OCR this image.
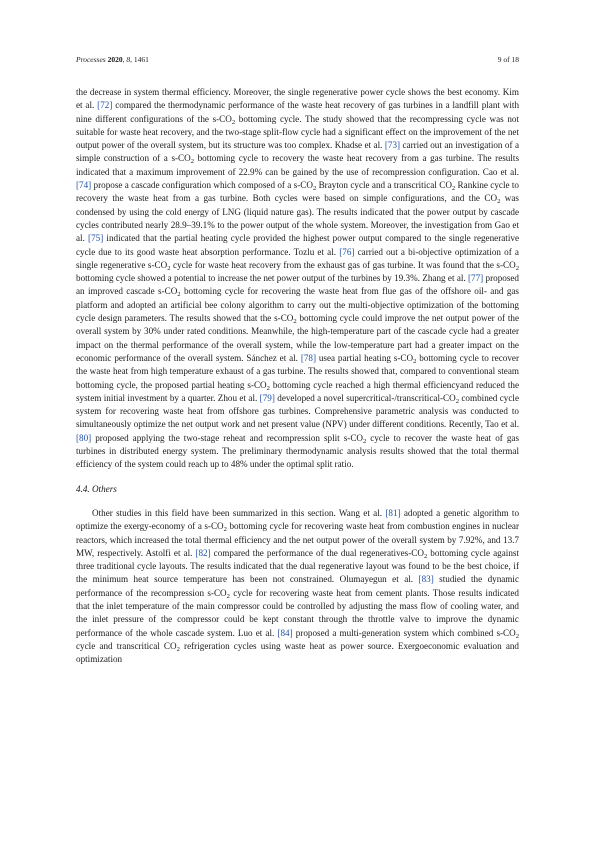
Processes 2020, 8, 1461	9 of 18

the decrease in system thermal efficiency. Moreover, the single regenerative power cycle shows the best economy. Kim et al. [72] compared the thermodynamic performance of the waste heat recovery of gas turbines in a landfill plant with nine different configurations of the $s-CO_2$ bottoming cycle. The study showed that the recompressing cycle was not suitable for waste heat recovery, and the two-stage split-flow cycle had a significant effect on the improvement of the net output power of the overall system, but its structure was too complex. Khadse et al. [73] carried out an investigation of a simple construction of a $s-CO_2$ bottoming cycle to recovery the waste heat recovery from a gas turbine. The results indicated that a maximum improvement of 22.9% can be gained by the use of recompression configuration. Cao et al. [74] propose a cascade configuration which composed of a $s-CO_2$ Brayton cycle and a transcritical $CO_2$ Rankine cycle to recovery the waste heat from a gas turbine. Both cycles were based on simple configurations, and the $CO_2$ was condensed by using the cold energy of LNG (liquid nature gas). The results indicated that the power output by cascade cycles contributed nearly 28.9–39.1% to the power output of the whole system. Moreover, the investigation from Gao et al. [75] indicated that the partial heating cycle provided the highest power output compared to the single regenerative cycle due to its good waste heat absorption performance. Tozlu et al. [76] carried out a bi-objective optimization of a single regenerative $s-CO_2$ cycle for waste heat recovery from the exhaust gas of gas turbine. It was found that the $s-CO_2$ bottoming cycle showed a potential to increase the net power output of the turbines by 19.3%. Zhang et al. [77] proposed an improved cascade $s-CO_2$ bottoming cycle for recovering the waste heat from flue gas of the offshore oil- and gas platform and adopted an artificial bee colony algorithm to carry out the multi-objective optimization of the bottoming cycle design parameters. The results showed that the $s-CO_2$ bottoming cycle could improve the net output power of the overall system by 30% under rated conditions. Meanwhile, the high-temperature part of the cascade cycle had a greater impact on the thermal performance of the overall system, while the low-temperature part had a greater impact on the economic performance of the overall system. Sánchez et al. [78] usea partial heating $s-CO_2$ bottoming cycle to recover the waste heat from high temperature exhaust of a gas turbine. The results showed that, compared to conventional steam bottoming cycle, the proposed partial heating $s-CO_2$ bottoming cycle reached a high thermal efficiencyand reduced the system initial investment by a quarter. Zhou et al. [79] developed a novel supercritical-$/transcritical-CO_2$ combined cycle system for recovering waste heat from offshore gas turbines. Comprehensive parametric analysis was conducted to simultaneously optimize the net output work and net present value (NPV) under different conditions. Recently, Tao et al. [80] proposed applying the two-stage reheat and recompression split $s-CO_2$ cycle to recover the waste heat of gas turbines in distributed energy system. The preliminary thermodynamic analysis results showed that the total thermal efficiency of the system could reach up to 48% under the optimal split ratio.

4.4. Others

Other studies in this field have been summarized in this section. Wang et al. [81] adopted a genetic algorithm to optimize the exergy-economy of a $s-CO_2$ bottoming cycle for recovering waste heat from combustion engines in nuclear reactors, which increased the total thermal efficiency and the net output power of the overall system by 7.92%, and 13.7 MW, respectively. Astolfi et al. [82] compared the performance of the dual regeneratives-$CO_2$ bottoming cycle against three traditional cycle layouts. The results indicated that the dual regenerative layout was found to be the best choice, if the minimum heat source temperature has been not constrained. Olumayegun et al. [83] studied the dynamic performance of the recompression $s-CO_2$ cycle for recovering waste heat from cement plants. Those results indicated that the inlet temperature of the main compressor could be controlled by adjusting the mass flow of cooling water, and the inlet pressure of the compressor could be kept constant through the throttle valve to improve the dynamic performance of the whole cascade system. Luo et al. [84] proposed a multi-generation system which combined $s-CO_2$ cycle and transcritical $CO_2$ refrigeration cycles using waste heat as power source. Exergoeconomic evaluation and optimization
